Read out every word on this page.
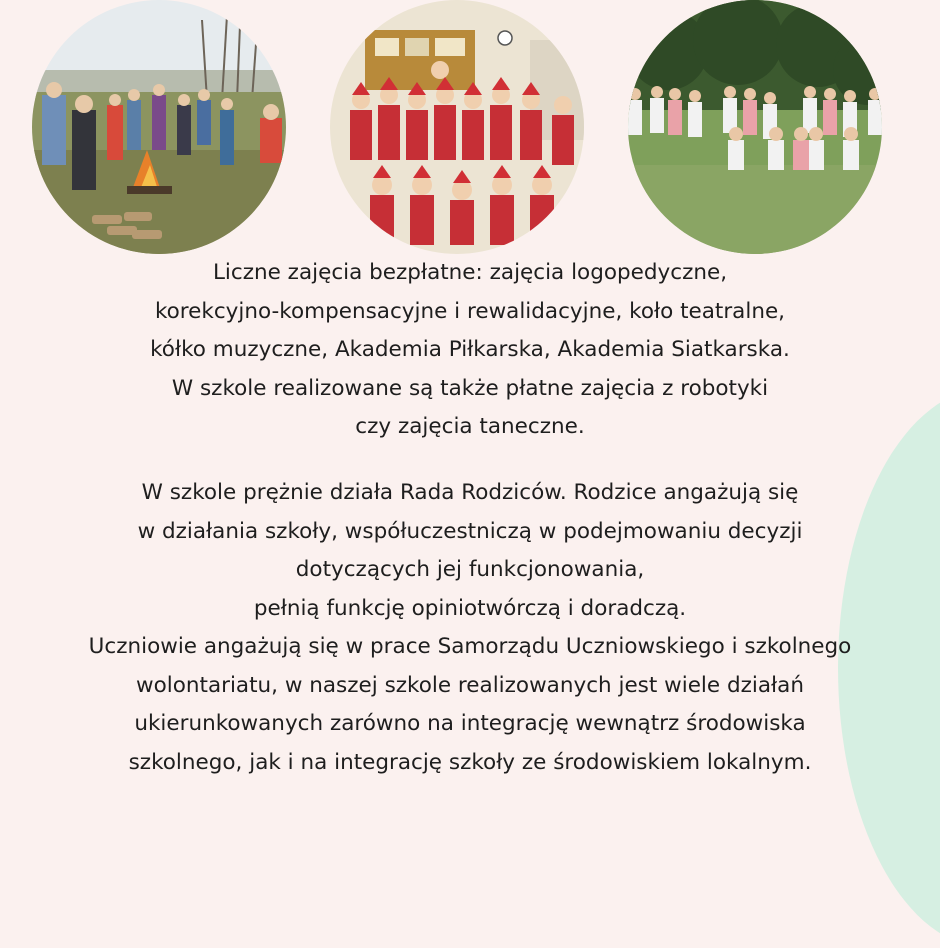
Liczne zajęcia bezpłatne: zajęcia logopedyczne,
korekcyjno-kompensacyjne i rewalidacyjne, koło teatralne,
kółko muzyczne, Akademia Piłkarska, Akademia Siatkarska.
W szkole realizowane są także płatne zajęcia z robotyki
czy zajęcia taneczne.
W szkole prężnie działa Rada Rodziców. Rodzice angażują się
w działania szkoły, współuczestniczą w podejmowaniu decyzji
dotyczących jej funkcjonowania,
pełnią funkcję opiniotwórczą i doradczą.
Uczniowie angażują się w prace Samorządu Uczniowskiego i szkolnego
wolontariatu, w naszej szkole realizowanych jest wiele działań
ukierunkowanych zarówno na integrację wewnątrz środowiska
szkolnego, jak i na integrację szkoły ze środowiskiem lokalnym.
